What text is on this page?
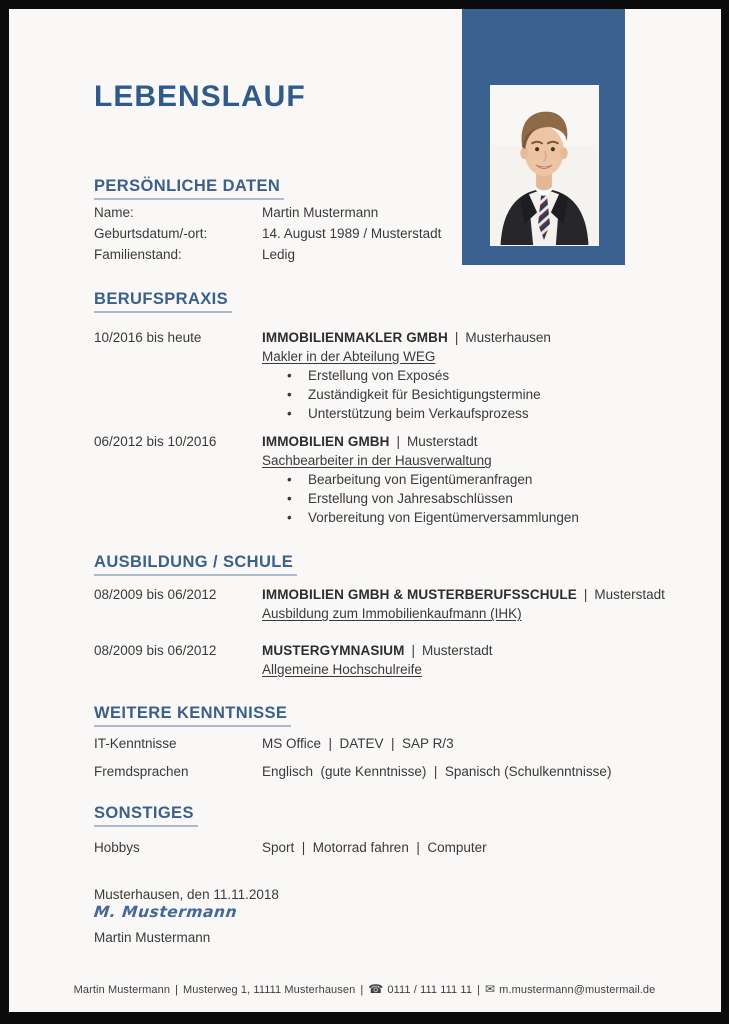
LEBENSLAUF
PERSÖNLICHE DATEN
Name:	Martin Mustermann
Geburtsdatum/-ort:	14. August 1989 / Musterstadt
Familienstand:	Ledig
BERUFSPRAXIS
10/2016 bis heute	IMMOBILIENMAKLER GMBH | Musterhausen
Makler in der Abteilung WEG
•
Erstellung von Exposés
•
Zuständigkeit für Besichtigungstermine
•
Unterstützung beim Verkaufsprozess
06/2012 bis 10/2016	IMMOBILIEN GMBH | Musterstadt
Sachbearbeiter in der Hausverwaltung
•
Bearbeitung von Eigentümeranfragen
•
Erstellung von Jahresabschlüssen
•
Vorbereitung von Eigentümerversammlungen
AUSBILDUNG / SCHULE
08/2009 bis 06/2012	IMMOBILIEN GMBH & MUSTERBERUFSSCHULE | Musterstadt
Ausbildung zum Immobilienkaufmann (IHK)
08/2009 bis 06/2012	MUSTERGYMNASIUM | Musterstadt
Allgemeine Hochschulreife
WEITERE KENNTNISSE
IT-Kenntnisse	MS Office  |  DATEV  |  SAP R/3
Fremdsprachen	Englisch  (gute Kenntnisse)  |  Spanisch (Schulkenntnisse)
SONSTIGES
Hobbys	Sport  |  Motorrad fahren  |  Computer
Musterhausen, den 11.11.2018
M. Mustermann
Martin Mustermann
Martin Mustermann | Musterweg 1, 11111 Musterhausen | ☎ 0111 / 111 111 11 | ✉ m.mustermann@mustermail.de
